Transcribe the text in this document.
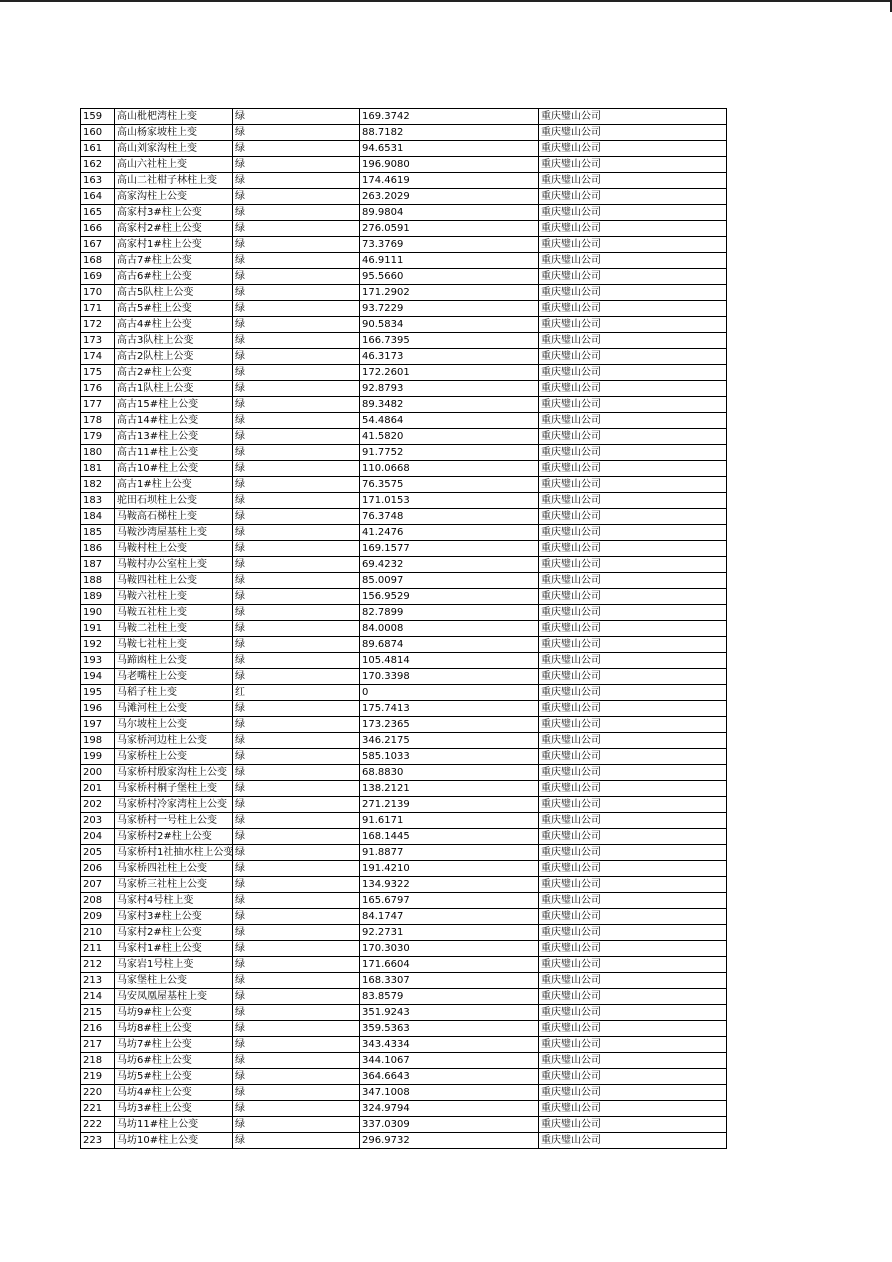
159	高山枇杷湾柱上变	绿	169.3742	重庆璧山公司
160	高山杨家坡柱上变	绿	88.7182	重庆璧山公司
161	高山刘家沟柱上变	绿	94.6531	重庆璧山公司
162	高山六社柱上变	绿	196.9080	重庆璧山公司
163	高山二社柑子林柱上变	绿	174.4619	重庆璧山公司
164	高家沟柱上公变	绿	263.2029	重庆璧山公司
165	高家村3#柱上公变	绿	89.9804	重庆璧山公司
166	高家村2#柱上公变	绿	276.0591	重庆璧山公司
167	高家村1#柱上公变	绿	73.3769	重庆璧山公司
168	高古7#柱上公变	绿	46.9111	重庆璧山公司
169	高古6#柱上公变	绿	95.5660	重庆璧山公司
170	高古5队柱上公变	绿	171.2902	重庆璧山公司
171	高古5#柱上公变	绿	93.7229	重庆璧山公司
172	高古4#柱上公变	绿	90.5834	重庆璧山公司
173	高古3队柱上公变	绿	166.7395	重庆璧山公司
174	高古2队柱上公变	绿	46.3173	重庆璧山公司
175	高古2#柱上公变	绿	172.2601	重庆璧山公司
176	高古1队柱上公变	绿	92.8793	重庆璧山公司
177	高古15#柱上公变	绿	89.3482	重庆璧山公司
178	高古14#柱上公变	绿	54.4864	重庆璧山公司
179	高古13#柱上公变	绿	41.5820	重庆璧山公司
180	高古11#柱上公变	绿	91.7752	重庆璧山公司
181	高古10#柱上公变	绿	110.0668	重庆璧山公司
182	高古1#柱上公变	绿	76.3575	重庆璧山公司
183	驼田石坝柱上公变	绿	171.0153	重庆璧山公司
184	马鞍高石梯柱上变	绿	76.3748	重庆璧山公司
185	马鞍沙湾屋基柱上变	绿	41.2476	重庆璧山公司
186	马鞍村柱上公变	绿	169.1577	重庆璧山公司
187	马鞍村办公室柱上变	绿	69.4232	重庆璧山公司
188	马鞍四社柱上公变	绿	85.0097	重庆璧山公司
189	马鞍六社柱上变	绿	156.9529	重庆璧山公司
190	马鞍五社柱上变	绿	82.7899	重庆璧山公司
191	马鞍二社柱上变	绿	84.0008	重庆璧山公司
192	马鞍七社柱上变	绿	89.6874	重庆璧山公司
193	马蹄凼柱上公变	绿	105.4814	重庆璧山公司
194	马老嘴柱上公变	绿	170.3398	重庆璧山公司
195	马稻子柱上变	红	0	重庆璧山公司
196	马滩河柱上公变	绿	175.7413	重庆璧山公司
197	马尔坡柱上公变	绿	173.2365	重庆璧山公司
198	马家桥河边柱上公变	绿	346.2175	重庆璧山公司
199	马家桥柱上公变	绿	585.1033	重庆璧山公司
200	马家桥村殷家沟柱上公变	绿	68.8830	重庆璧山公司
201	马家桥村桐子堡柱上变	绿	138.2121	重庆璧山公司
202	马家桥村冷家湾柱上公变	绿	271.2139	重庆璧山公司
203	马家桥村一号柱上公变	绿	91.6171	重庆璧山公司
204	马家桥村2#柱上公变	绿	168.1445	重庆璧山公司
205	马家桥村1社抽水柱上公变	绿	91.8877	重庆璧山公司
206	马家桥四社柱上公变	绿	191.4210	重庆璧山公司
207	马家桥三社柱上公变	绿	134.9322	重庆璧山公司
208	马家村4号柱上变	绿	165.6797	重庆璧山公司
209	马家村3#柱上公变	绿	84.1747	重庆璧山公司
210	马家村2#柱上公变	绿	92.2731	重庆璧山公司
211	马家村1#柱上公变	绿	170.3030	重庆璧山公司
212	马家岩1号柱上变	绿	171.6604	重庆璧山公司
213	马家堡柱上公变	绿	168.3307	重庆璧山公司
214	马安凤凰屋基柱上变	绿	83.8579	重庆璧山公司
215	马坊9#柱上公变	绿	351.9243	重庆璧山公司
216	马坊8#柱上公变	绿	359.5363	重庆璧山公司
217	马坊7#柱上公变	绿	343.4334	重庆璧山公司
218	马坊6#柱上公变	绿	344.1067	重庆璧山公司
219	马坊5#柱上公变	绿	364.6643	重庆璧山公司
220	马坊4#柱上公变	绿	347.1008	重庆璧山公司
221	马坊3#柱上公变	绿	324.9794	重庆璧山公司
222	马坊11#柱上公变	绿	337.0309	重庆璧山公司
223	马坊10#柱上公变	绿	296.9732	重庆璧山公司
